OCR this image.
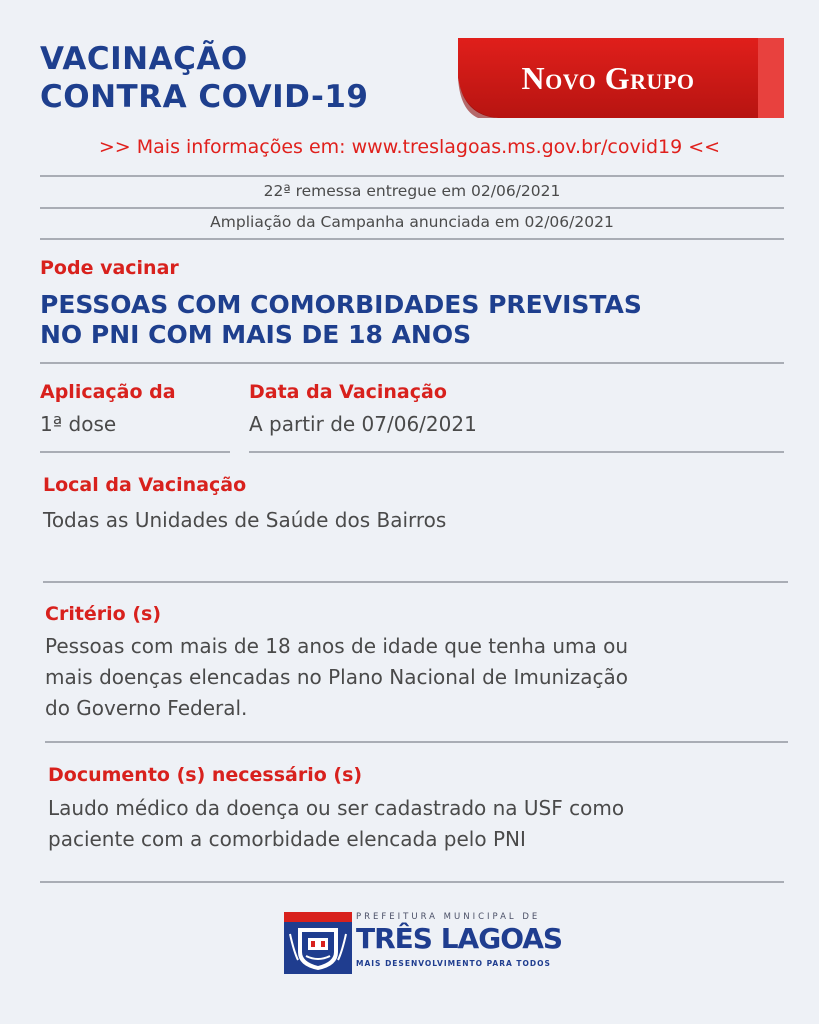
VACINAÇÃO
CONTRA COVID-19
Novo Grupo
>> Mais informações em: www.treslagoas.ms.gov.br/covid19 <<
22ª remessa entregue em 02/06/2021
Ampliação da Campanha anunciada em 02/06/2021
Pode vacinar
PESSOAS COM COMORBIDADES PREVISTAS
NO PNI COM MAIS DE 18 ANOS
Aplicação da
1ª dose
Data da Vacinação
A partir de 07/06/2021
Local da Vacinação
Todas as Unidades de Saúde dos Bairros
Critério (s)
Pessoas com mais de 18 anos de idade que tenha uma ou
mais doenças elencadas no Plano Nacional de Imunização
do Governo Federal.
Documento (s) necessário (s)
Laudo médico da doença ou ser cadastrado na USF como
paciente com a comorbidade elencada pelo PNI
PREFEITURA MUNICIPAL DE
TRÊS LAGOAS
MAIS DESENVOLVIMENTO PARA TODOS
